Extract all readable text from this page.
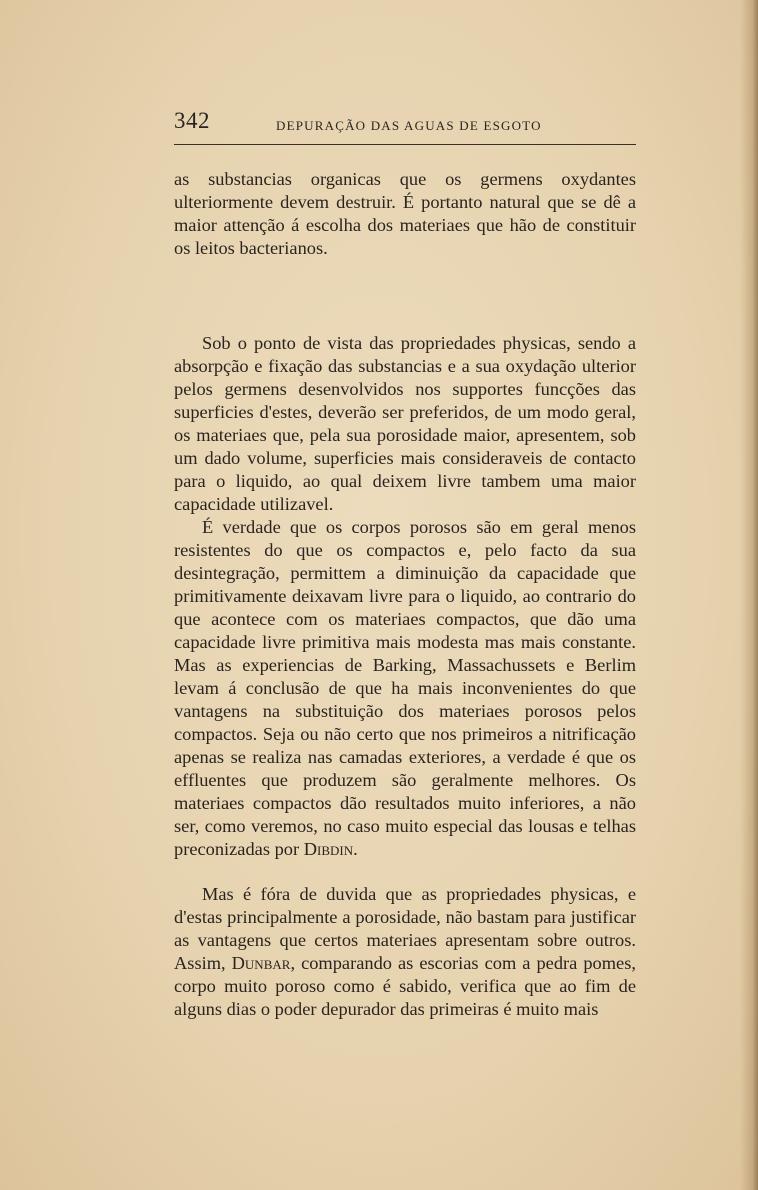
342	DEPURAÇÃO DAS AGUAS DE ESGOTO

as substancias organicas que os germens oxydantes ulteriormente devem destruir. É portanto natural que se dê a maior attenção á escolha dos materiaes que hão de constituir os leitos bacterianos.

Sob o ponto de vista das propriedades physicas, sendo a absorpção e fixação das substancias e a sua oxydação ulterior pelos germens desenvolvidos nos supportes funcções das superficies d'estes, deverão ser preferidos, de um modo geral, os materiaes que, pela sua porosidade maior, apresentem, sob um dado volume, superficies mais consideraveis de contacto para o liquido, ao qual deixem livre tambem uma maior capacidade utilizavel.

É verdade que os corpos porosos são em geral menos resistentes do que os compactos e, pelo facto da sua desintegração, permittem a diminuição da capacidade que primitivamente deixavam livre para o liquido, ao contrario do que acontece com os materiaes compactos, que dão uma capacidade livre primitiva mais modesta mas mais constante. Mas as experiencias de Barking, Massachussets e Berlim levam á conclusão de que ha mais inconvenientes do que vantagens na substituição dos materiaes porosos pelos compactos. Seja ou não certo que nos primeiros a nitrificação apenas se realiza nas camadas exteriores, a verdade é que os effluentes que produzem são geralmente melhores. Os materiaes compactos dão resultados muito inferiores, a não ser, como veremos, no caso muito especial das lousas e telhas preconizadas por Dibdin.

Mas é fóra de duvida que as propriedades physicas, e d'estas principalmente a porosidade, não bastam para justificar as vantagens que certos materiaes apresentam sobre outros. Assim, Dunbar, comparando as escorias com a pedra pomes, corpo muito poroso como é sabido, verifica que ao fim de alguns dias o poder depurador das primeiras é muito mais
